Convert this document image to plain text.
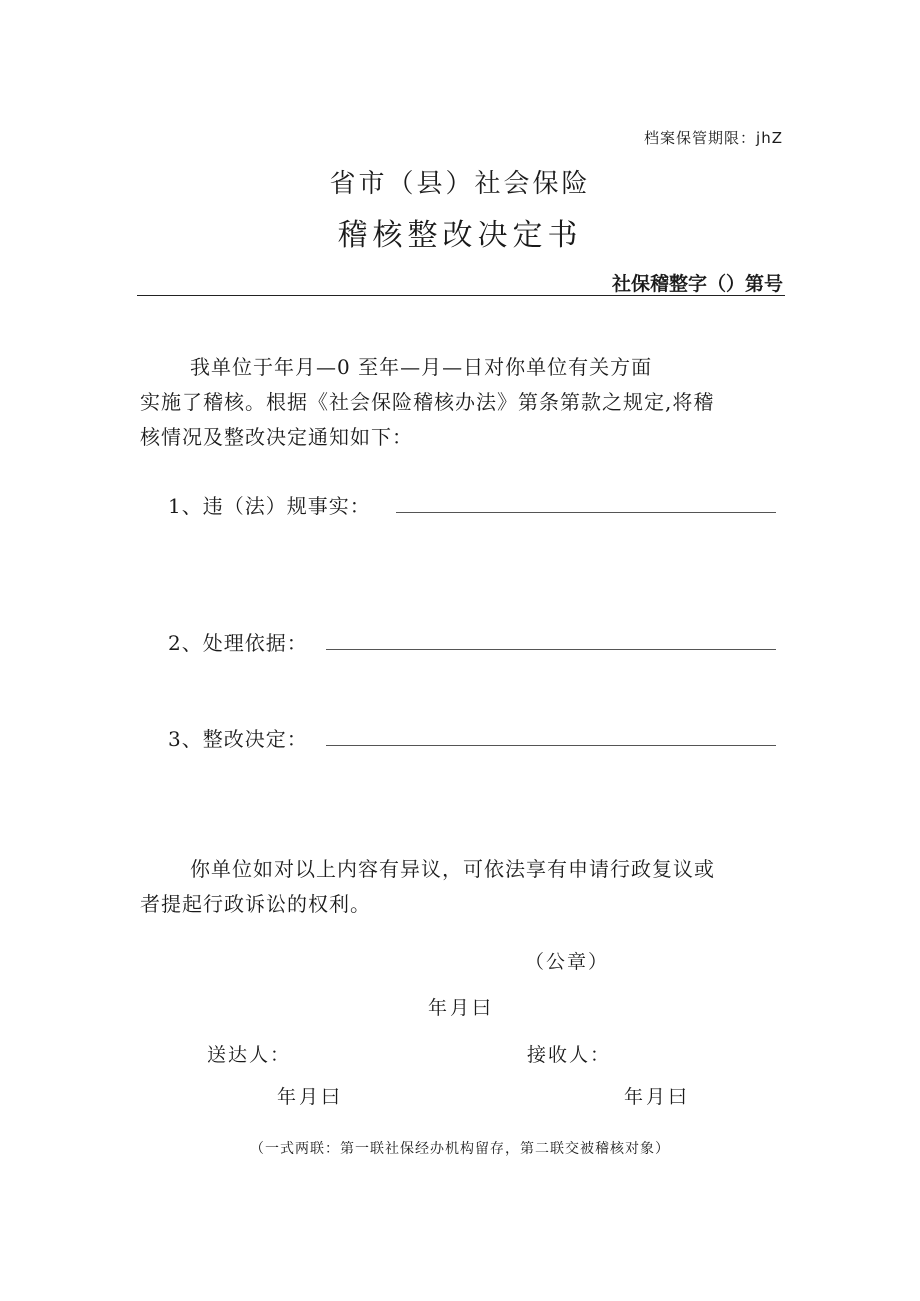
档案保管期限：jhZ
省市（县）社会保险
稽核整改决定书
社保稽整字（）第号
我单位于年月—0 至年—月—日对你单位有关方面
实施了稽核。根据《社会保险稽核办法》第条第款之规定,将稽
核情况及整改决定通知如下：
1、违（法）规事实：
2、处理依据：
3、整改决定：
你单位如对以上内容有异议，可依法享有申请行政复议或
者提起行政诉讼的权利。
（公章）
年月曰
送达人：	接收人：
年月曰	年月曰
（一式两联：第一联社保经办机构留存，第二联交被稽核对象）
